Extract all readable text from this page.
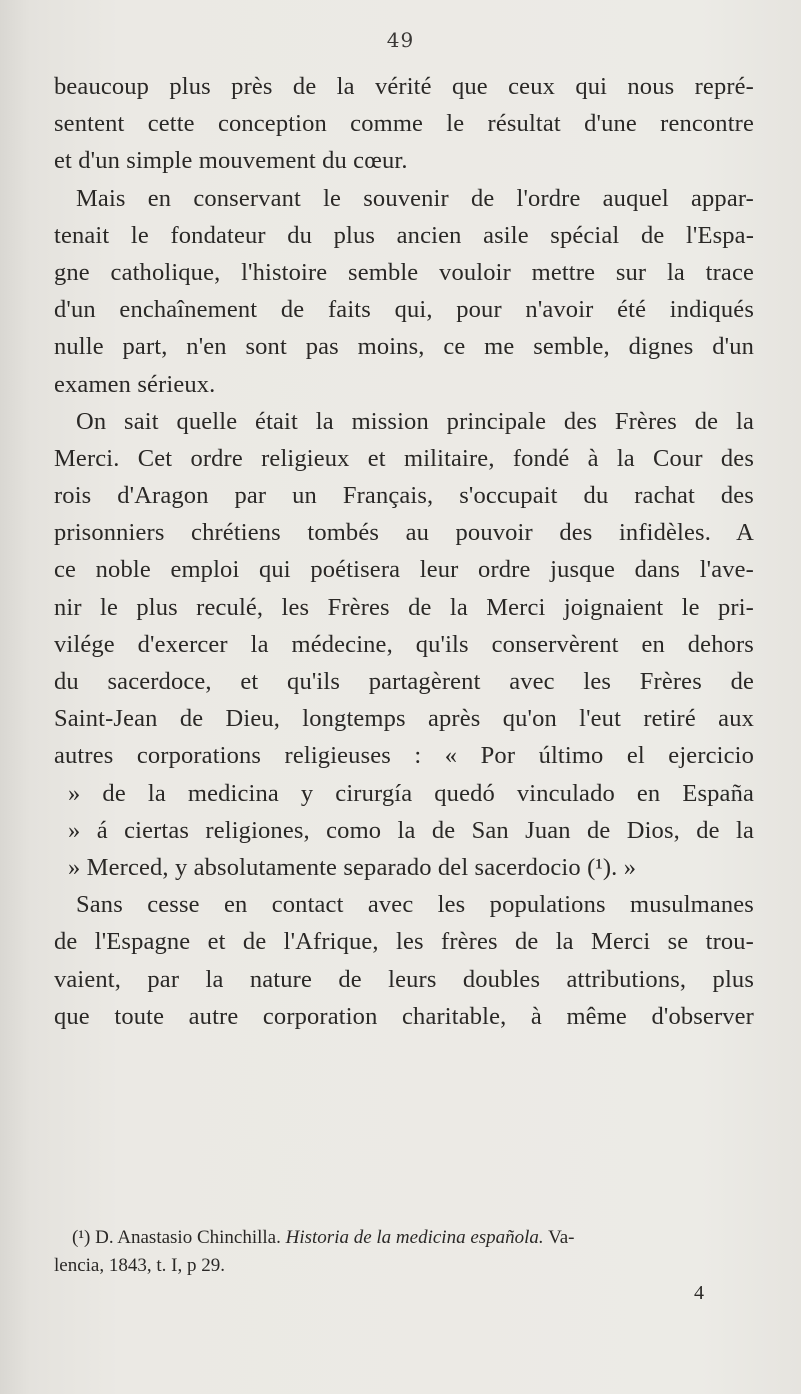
49
beaucoup plus près de la vérité que ceux qui nous repré-
sentent cette conception comme le résultat d'une rencontre
et d'un simple mouvement du cœur.
Mais en conservant le souvenir de l'ordre auquel appar-
tenait le fondateur du plus ancien asile spécial de l'Espa-
gne catholique, l'histoire semble vouloir mettre sur la trace
d'un enchaînement de faits qui, pour n'avoir été indiqués
nulle part, n'en sont pas moins, ce me semble, dignes d'un
examen sérieux.
On sait quelle était la mission principale des Frères de la
Merci. Cet ordre religieux et militaire, fondé à la Cour des
rois d'Aragon par un Français, s'occupait du rachat des
prisonniers chrétiens tombés au pouvoir des infidèles. A
ce noble emploi qui poétisera leur ordre jusque dans l'ave-
nir le plus reculé, les Frères de la Merci joignaient le pri-
vilége d'exercer la médecine, qu'ils conservèrent en dehors
du sacerdoce, et qu'ils partagèrent avec les Frères de
Saint-Jean de Dieu, longtemps après qu'on l'eut retiré aux
autres corporations religieuses : « Por último el ejercicio
» de la medicina y cirurgía quedó vinculado en España
» á ciertas religiones, como la de San Juan de Dios, de la
» Merced, y absolutamente separado del sacerdocio (¹). »
Sans cesse en contact avec les populations musulmanes
de l'Espagne et de l'Afrique, les frères de la Merci se trou-
vaient, par la nature de leurs doubles attributions, plus
que toute autre corporation charitable, à même d'observer
(¹) D. Anastasio Chinchilla. Historia de la medicina española. Va-
lencia, 1843, t. I, p 29.
4
